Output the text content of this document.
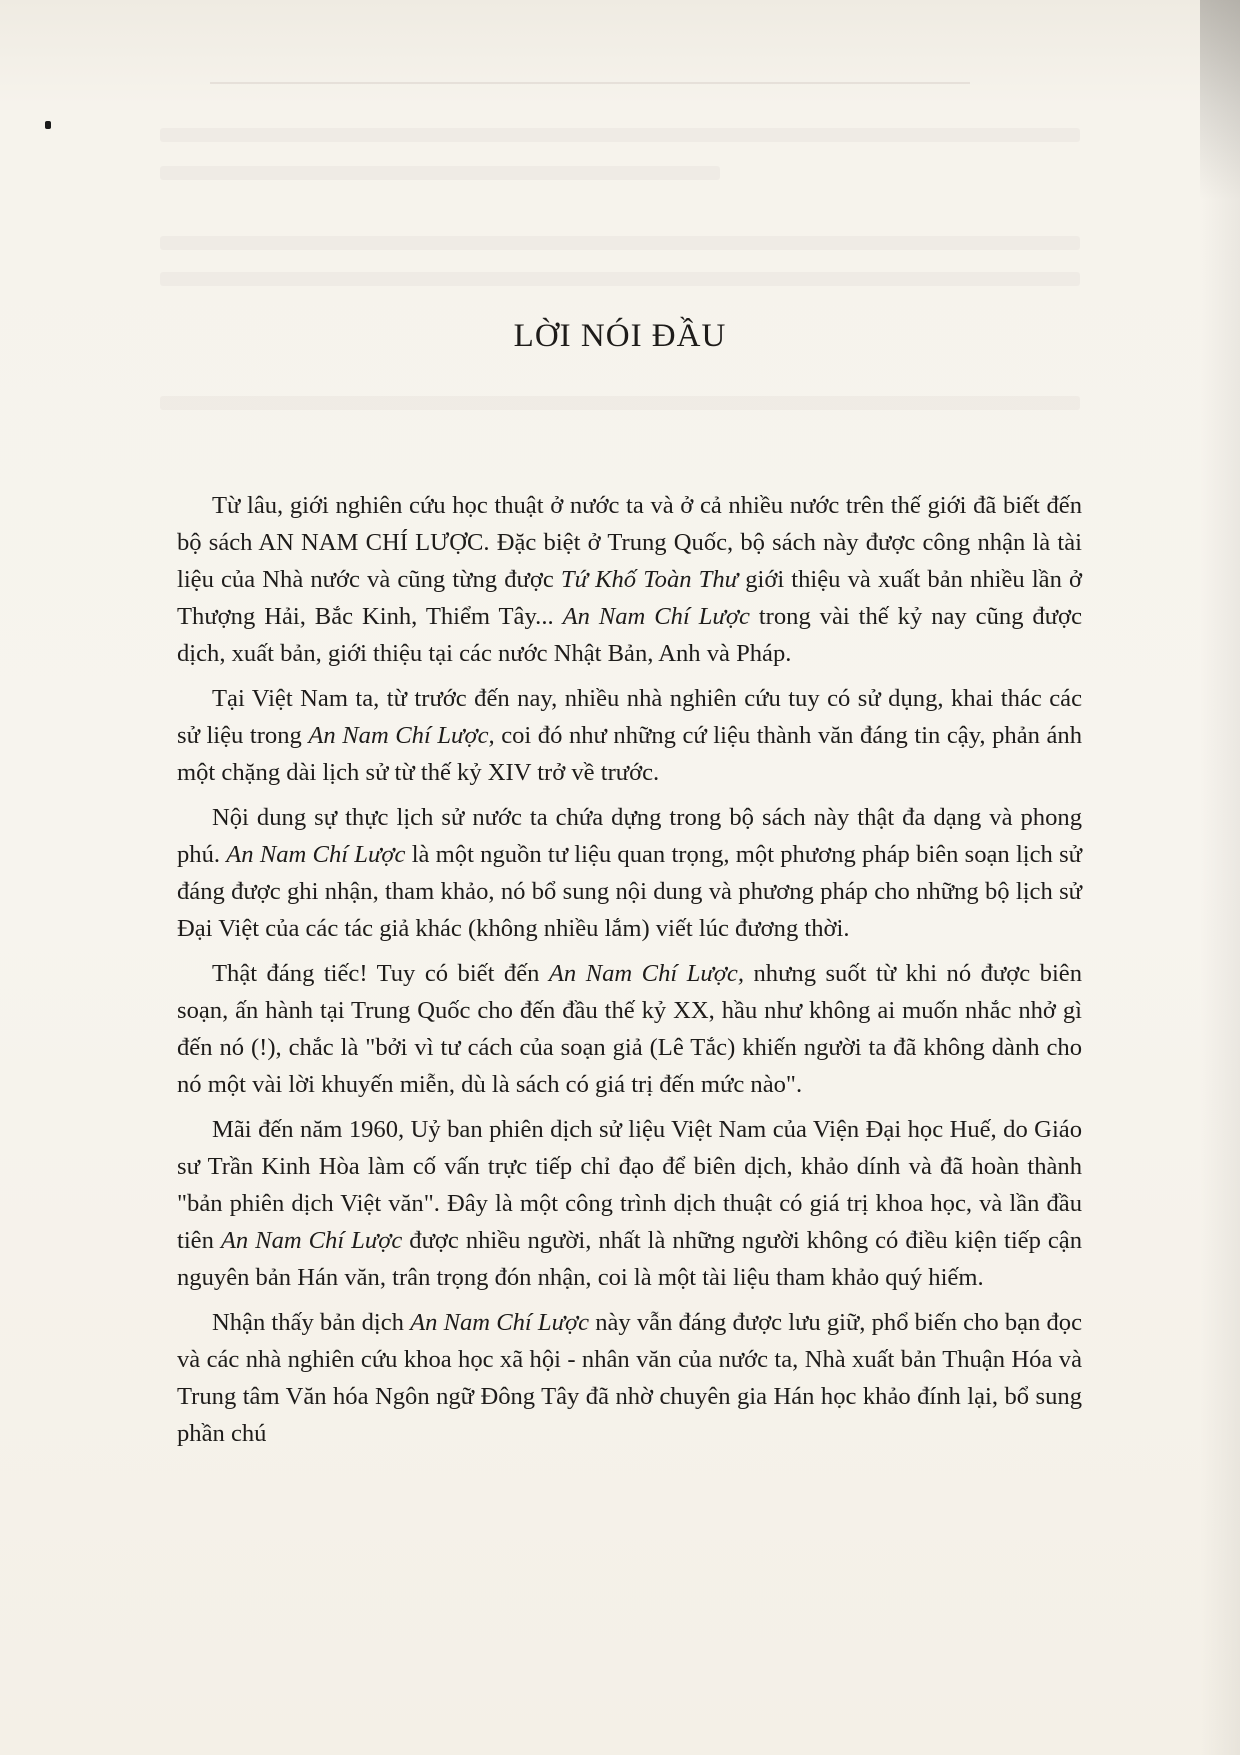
LỜI NÓI ĐẦU

Từ lâu, giới nghiên cứu học thuật ở nước ta và ở cả nhiều nước trên thế giới đã biết đến bộ sách AN NAM CHÍ LƯỢC. Đặc biệt ở Trung Quốc, bộ sách này được công nhận là tài liệu của Nhà nước và cũng từng được Tứ Khố Toàn Thư giới thiệu và xuất bản nhiều lần ở Thượng Hải, Bắc Kinh, Thiểm Tây... An Nam Chí Lược trong vài thế kỷ nay cũng được dịch, xuất bản, giới thiệu tại các nước Nhật Bản, Anh và Pháp.

Tại Việt Nam ta, từ trước đến nay, nhiều nhà nghiên cứu tuy có sử dụng, khai thác các sử liệu trong An Nam Chí Lược, coi đó như những cứ liệu thành văn đáng tin cậy, phản ánh một chặng dài lịch sử từ thế kỷ XIV trở về trước.

Nội dung sự thực lịch sử nước ta chứa dựng trong bộ sách này thật đa dạng và phong phú. An Nam Chí Lược là một nguồn tư liệu quan trọng, một phương pháp biên soạn lịch sử đáng được ghi nhận, tham khảo, nó bổ sung nội dung và phương pháp cho những bộ lịch sử Đại Việt của các tác giả khác (không nhiều lắm) viết lúc đương thời.

Thật đáng tiếc! Tuy có biết đến An Nam Chí Lược, nhưng suốt từ khi nó được biên soạn, ấn hành tại Trung Quốc cho đến đầu thế kỷ XX, hầu như không ai muốn nhắc nhở gì đến nó (!), chắc là "bởi vì tư cách của soạn giả (Lê Tắc) khiến người ta đã không dành cho nó một vài lời khuyến miễn, dù là sách có giá trị đến mức nào".

Mãi đến năm 1960, Uỷ ban phiên dịch sử liệu Việt Nam của Viện Đại học Huế, do Giáo sư Trần Kinh Hòa làm cố vấn trực tiếp chỉ đạo để biên dịch, khảo dính và đã hoàn thành "bản phiên dịch Việt văn". Đây là một công trình dịch thuật có giá trị khoa học, và lần đầu tiên An Nam Chí Lược được nhiều người, nhất là những người không có điều kiện tiếp cận nguyên bản Hán văn, trân trọng đón nhận, coi là một tài liệu tham khảo quý hiếm.

Nhận thấy bản dịch An Nam Chí Lược này vẫn đáng được lưu giữ, phổ biến cho bạn đọc và các nhà nghiên cứu khoa học xã hội - nhân văn của nước ta, Nhà xuất bản Thuận Hóa và Trung tâm Văn hóa Ngôn ngữ Đông Tây đã nhờ chuyên gia Hán học khảo đính lại, bổ sung phần chú
